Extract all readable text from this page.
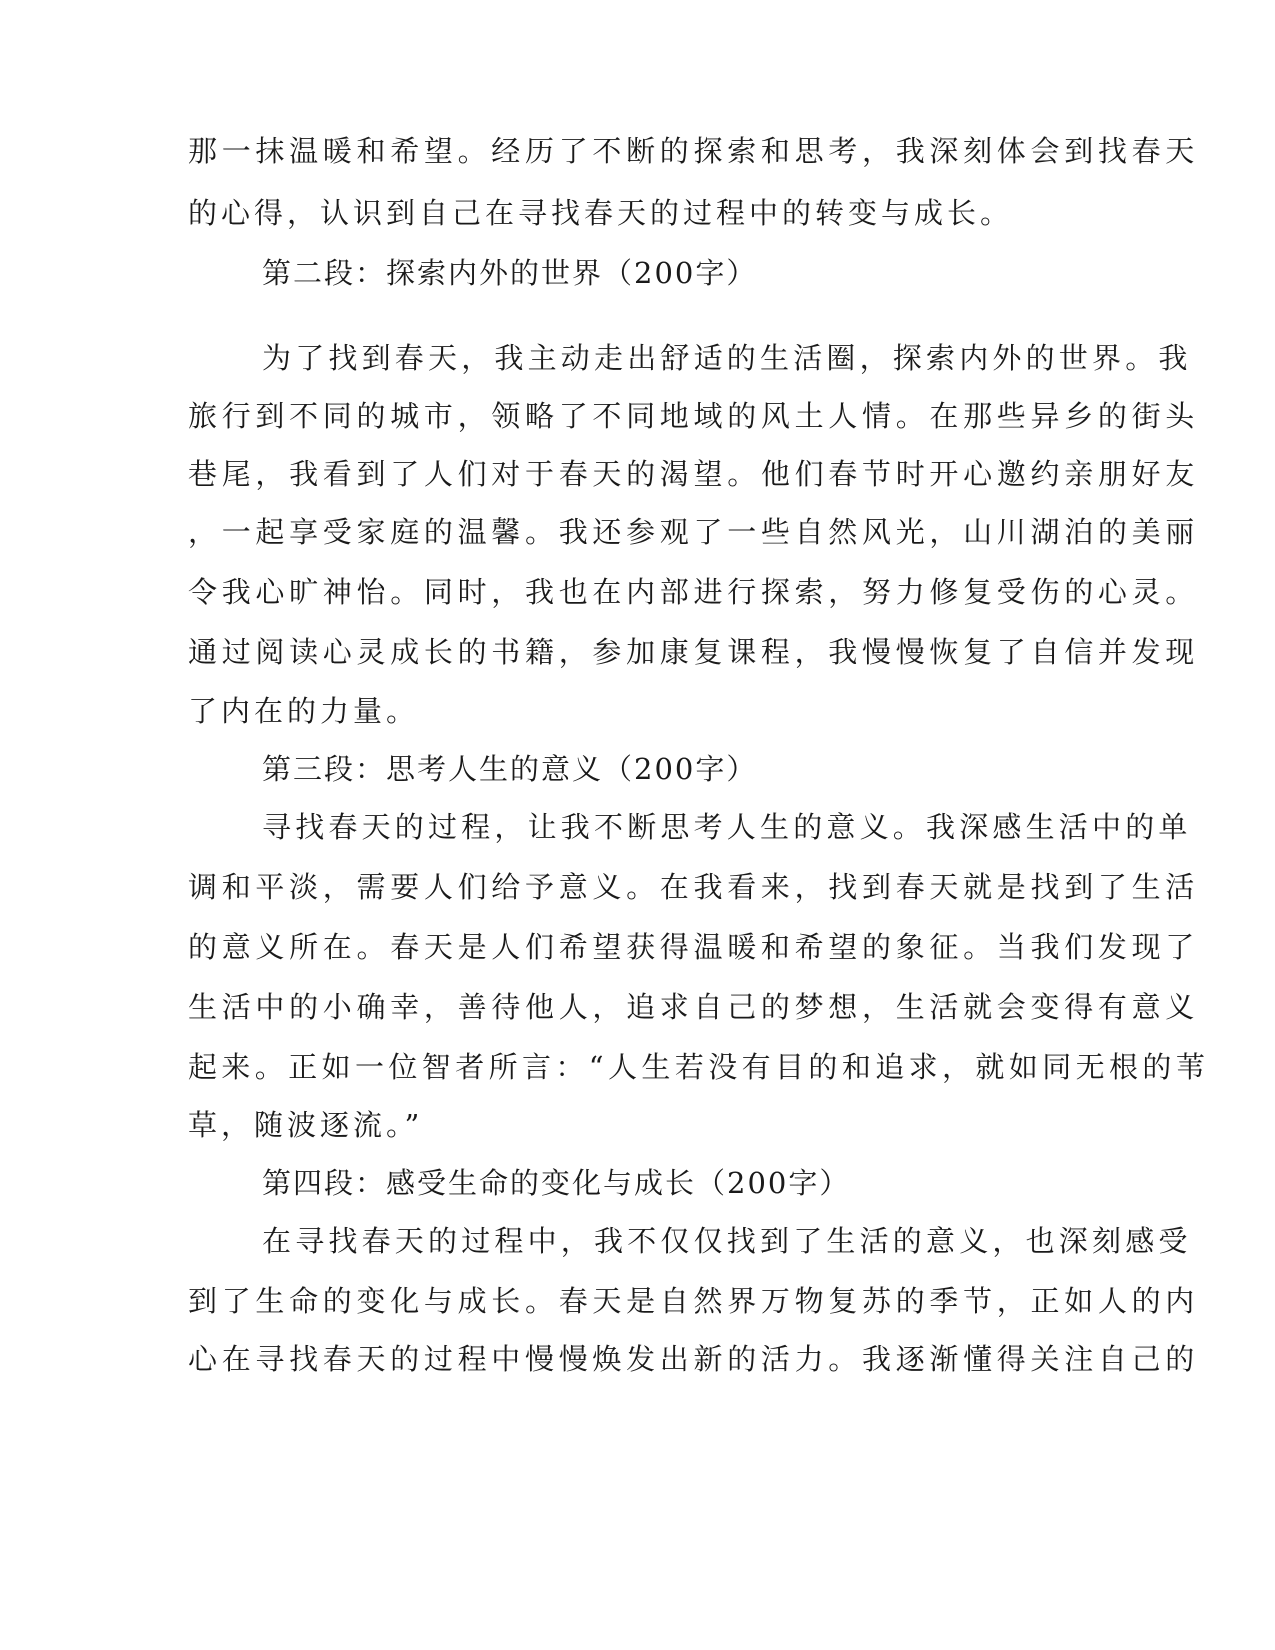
那一抹温暖和希望。经历了不断的探索和思考，我深刻体会到找春天
的心得，认识到自己在寻找春天的过程中的转变与成长。
第二段：探索内外的世界（200字）
为了找到春天，我主动走出舒适的生活圈，探索内外的世界。我
旅行到不同的城市，领略了不同地域的风土人情。在那些异乡的街头
巷尾，我看到了人们对于春天的渴望。他们春节时开心邀约亲朋好友
，一起享受家庭的温馨。我还参观了一些自然风光，山川湖泊的美丽
令我心旷神怡。同时，我也在内部进行探索，努力修复受伤的心灵。
通过阅读心灵成长的书籍，参加康复课程，我慢慢恢复了自信并发现
了内在的力量。
第三段：思考人生的意义（200字）
寻找春天的过程，让我不断思考人生的意义。我深感生活中的单
调和平淡，需要人们给予意义。在我看来，找到春天就是找到了生活
的意义所在。春天是人们希望获得温暖和希望的象征。当我们发现了
生活中的小确幸，善待他人，追求自己的梦想，生活就会变得有意义
起来。正如一位智者所言：“人生若没有目的和追求，就如同无根的苇
草，随波逐流。”
第四段：感受生命的变化与成长（200字）
在寻找春天的过程中，我不仅仅找到了生活的意义，也深刻感受
到了生命的变化与成长。春天是自然界万物复苏的季节，正如人的内
心在寻找春天的过程中慢慢焕发出新的活力。我逐渐懂得关注自己的
